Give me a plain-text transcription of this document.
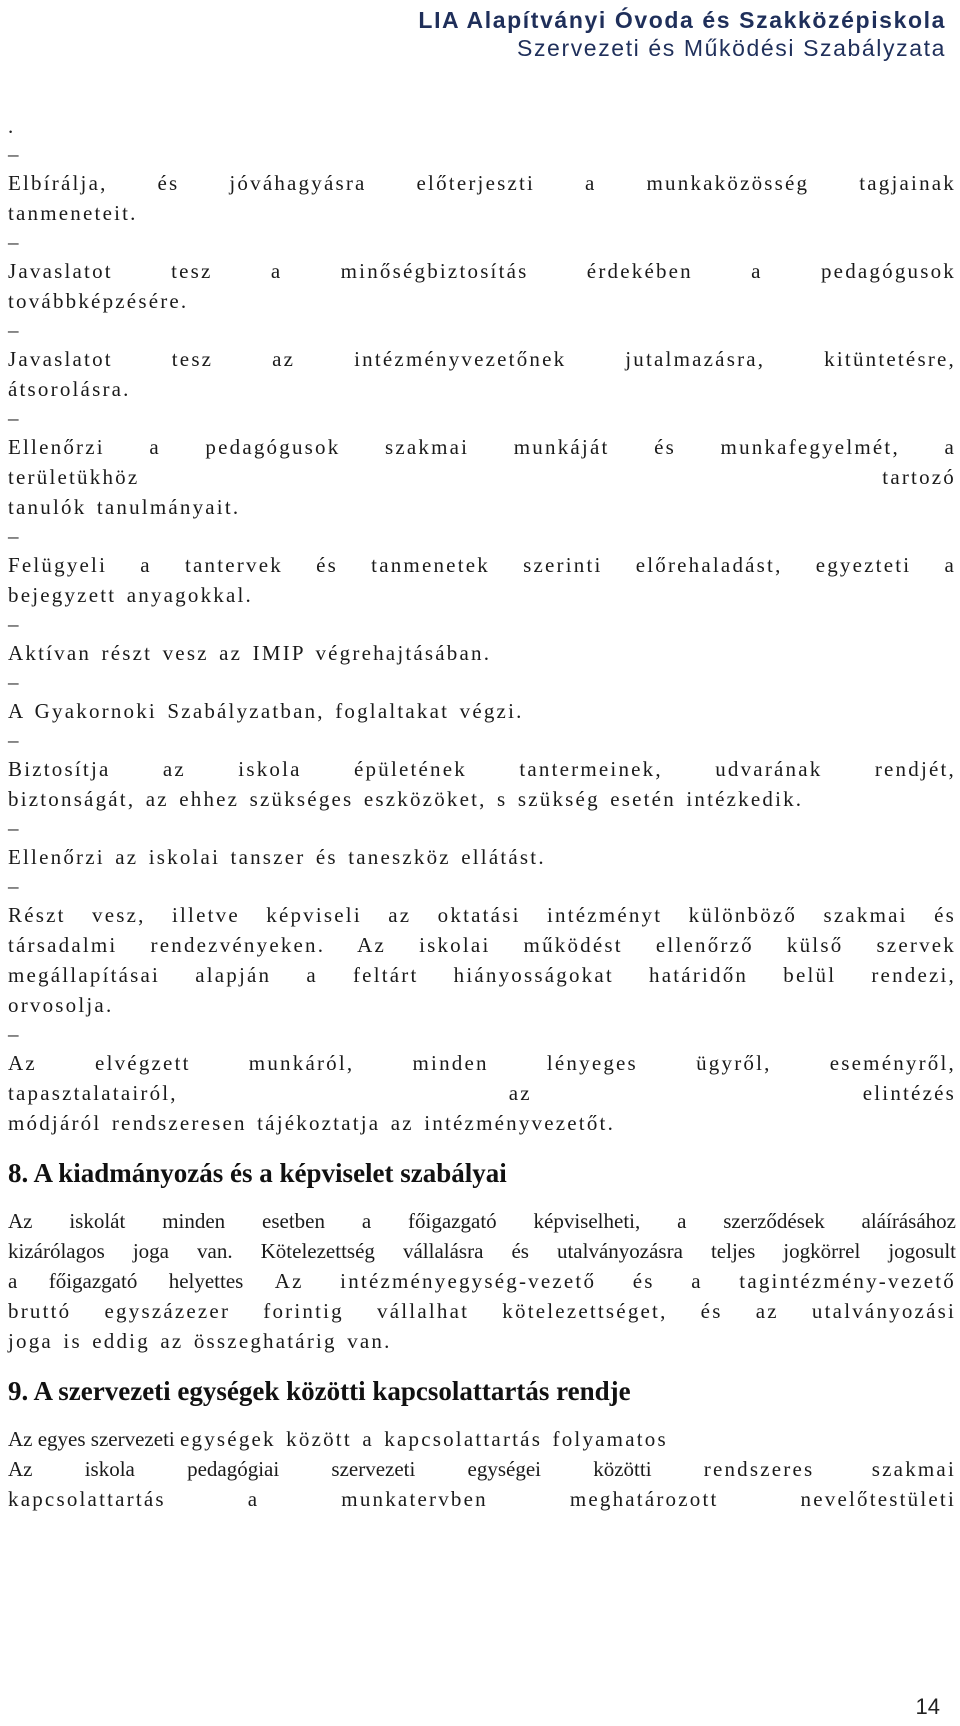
LIA Alapítványi Óvoda és Szakközépiskola
Szervezeti és Működési Szabályzata
.
–
Elbírálja, és jóváhagyásra előterjeszti a munkaközösség tagjainak
tanmeneteit.
–
Javaslatot tesz a minőségbiztosítás érdekében a pedagógusok
továbbképzésére.
–
Javaslatot tesz az intézményvezetőnek jutalmazásra, kitüntetésre,
átsorolásra.
–
Ellenőrzi a pedagógusok szakmai munkáját és munkafegyelmét, a
területükhöz tartozó
tanulók tanulmányait.
–
Felügyeli a tantervek és tanmenetek szerinti előrehaladást, egyezteti a
bejegyzett anyagokkal.
–
Aktívan részt vesz az IMIP végrehajtásában.
–
A Gyakornoki Szabályzatban, foglaltakat végzi.
–
Biztosítja az iskola épületének tantermeinek, udvarának rendjét,
biztonságát, az ehhez szükséges eszközöket, s szükség esetén intézkedik.
–
Ellenőrzi az iskolai tanszer és taneszköz ellátást.
–
Részt vesz, illetve képviseli az oktatási intézményt különböző szakmai és
társadalmi rendezvényeken. Az iskolai működést ellenőrző külső szervek
megállapításai alapján a feltárt hiányosságokat határidőn belül rendezi,
orvosolja.
–
Az elvégzett munkáról, minden lényeges ügyről, eseményről,
tapasztalatairól, az elintézés
módjáról rendszeresen tájékoztatja az intézményvezetőt.
8. A kiadmányozás és a képviselet szabályai
Az iskolát minden esetben a főigazgató képviselheti, a szerződések aláírásához
kizárólagos joga van. Kötelezettség vállalásra és utalványozásra teljes jogkörrel jogosult
a főigazgató helyettes Az intézményegység-vezető és a tagintézmény-vezető
bruttó egyszázezer forintig vállalhat kötelezettséget, és az utalványozási
joga is eddig az összeghatárig van.
9. A szervezeti egységek közötti kapcsolattartás rendje
Az egyes szervezeti egységek között a kapcsolattartás folyamatos
Az iskola pedagógiai szervezeti egységei közötti rendszeres szakmai
kapcsolattartás a munkatervben meghatározott nevelőtestületi
14
